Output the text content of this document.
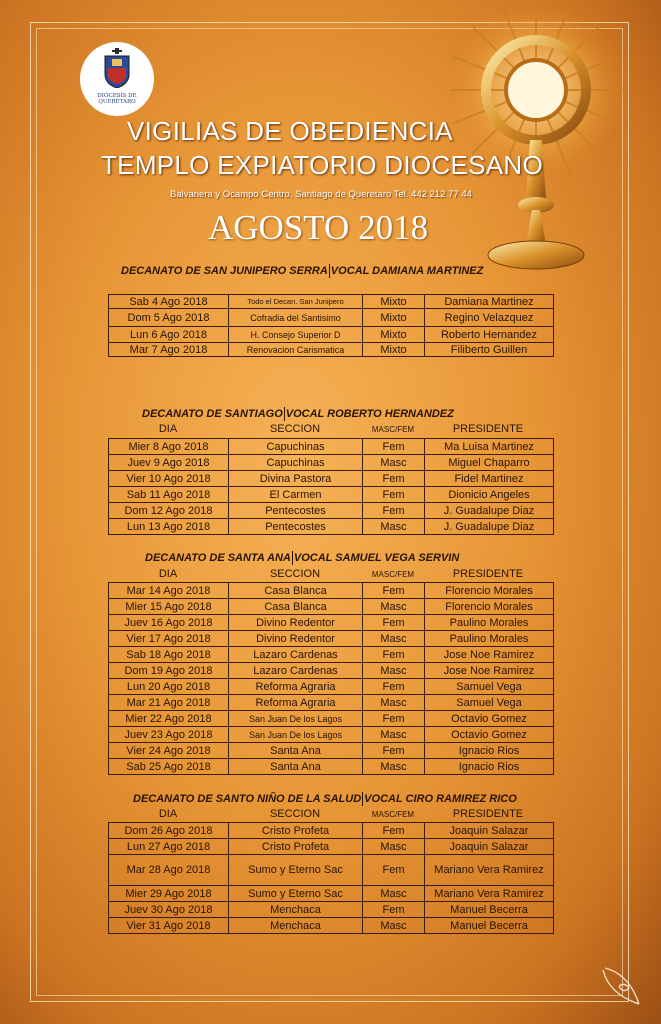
DIÓCESIS DE
QUERÉTARO
VIGILIAS DE OBEDIENCIA
TEMPLO EXPIATORIO DIOCESANO
Balvanera y Ocampo Centro, Santiago de Queretaro Tel. 442 212 77 44
AGOSTO 2018
DECANATO DE SAN JUNIPERO SERRA VOCAL DAMIANA MARTINEZ
Sab 4 Ago 2018	Todo el Decan. San Junipero	Mixto	Damiana Martinez
Dom 5 Ago 2018	Cofradia del Santisimo	Mixto	Regino Velazquez
Lun 6 Ago 2018	H. Consejo Superior D	Mixto	Roberto Hernandez
Mar 7 Ago 2018	Renovacion Carismatica	Mixto	Filiberto Guillen
DECANATO DE SANTIAGO VOCAL ROBERTO HERNANDEZ
DIA	SECCION	MASC/FEM	PRESIDENTE
Mier 8 Ago 2018	Capuchinas	Fem	Ma Luisa Martinez
Juev 9 Ago 2018	Capuchinas	Masc	Miguel Chaparro
Vier 10 Ago 2018	Divina Pastora	Fem	Fidel Martinez
Sab 11 Ago 2018	El Carmen	Fem	Dionicio Angeles
Dom 12 Ago 2018	Pentecostes	Fem	J. Guadalupe Diaz
Lun 13 Ago 2018	Pentecostes	Masc	J. Guadalupe Diaz
DECANATO DE SANTA ANA VOCAL SAMUEL VEGA SERVIN
DIA	SECCION	MASC/FEM	PRESIDENTE
Mar 14 Ago 2018	Casa Blanca	Fem	Florencio Morales
Mier 15 Ago 2018	Casa Blanca	Masc	Florencio Morales
Juev 16 Ago 2018	Divino Redentor	Fem	Paulino Morales
Vier 17 Ago 2018	Divino Redentor	Masc	Paulino Morales
Sab 18 Ago 2018	Lazaro Cardenas	Fem	Jose Noe Ramirez
Dom 19 Ago 2018	Lazaro Cardenas	Masc	Jose Noe Ramirez
Lun 20 Ago 2018	Reforma Agraria	Fem	Samuel Vega
Mar 21 Ago 2018	Reforma Agraria	Masc	Samuel Vega
Mier 22 Ago 2018	San Juan De los Lagos	Fem	Octavio Gomez
Juev 23 Ago 2018	San Juan De los Lagos	Masc	Octavio Gomez
Vier 24 Ago 2018	Santa Ana	Fem	Ignacio Rios
Sab 25 Ago 2018	Santa Ana	Masc	Ignacio Rios
DECANATO DE SANTO NIÑO DE LA SALUD VOCAL CIRO RAMIREZ RICO
DIA	SECCION	MASC/FEM	PRESIDENTE
Dom 26 Ago 2018	Cristo Profeta	Fem	Joaquin Salazar
Lun 27 Ago 2018	Cristo Profeta	Masc	Joaquin Salazar
Mar 28 Ago 2018	Sumo y Eterno Sac	Fem	Mariano Vera Ramirez
Mier 29 Ago 2018	Sumo y Eterno Sac	Masc	Mariano Vera Ramirez
Juev 30 Ago 2018	Menchaca	Fem	Manuel Becerra
Vier 31 Ago 2018	Menchaca	Masc	Manuel Becerra
